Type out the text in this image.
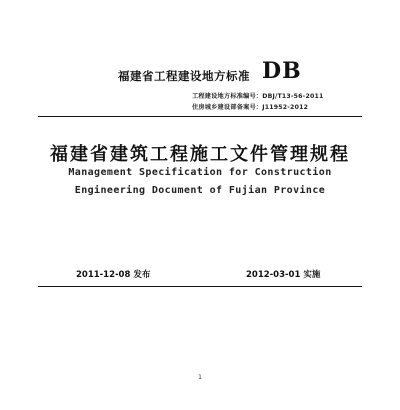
福建省工程建设地方标准 DB
工程建设地方标准编号：DBJ/T13-56-2011
住房城乡建设部备案号：J11952-2012
福建省建筑工程施工文件管理规程
Management Specification for Construction
Engineering Document of Fujian Province
2011-12-08 发布	2012-03-01 实施
1
